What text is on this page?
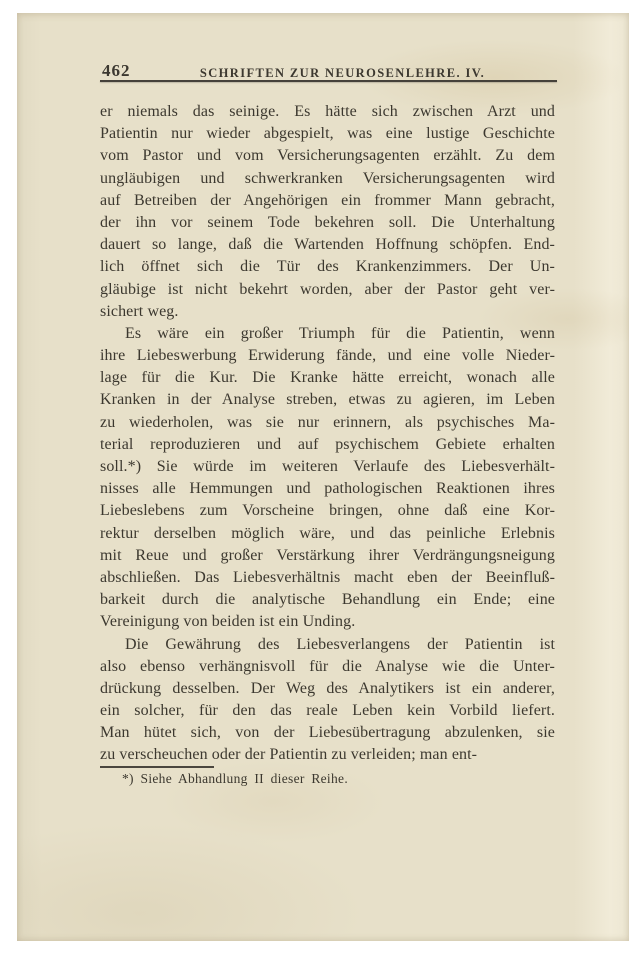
462	SCHRIFTEN ZUR NEUROSENLEHRE. IV.
er niemals das seinige. Es hätte sich zwischen Arzt und
Patientin nur wieder abgespielt, was eine lustige Geschichte
vom Pastor und vom Versicherungsagenten erzählt. Zu dem
ungläubigen und schwerkranken Versicherungsagenten wird
auf Betreiben der Angehörigen ein frommer Mann gebracht,
der ihn vor seinem Tode bekehren soll. Die Unterhaltung
dauert so lange, daß die Wartenden Hoffnung schöpfen. End-
lich öffnet sich die Tür des Krankenzimmers. Der Un-
gläubige ist nicht bekehrt worden, aber der Pastor geht ver-
sichert weg.
Es wäre ein großer Triumph für die Patientin, wenn
ihre Liebeswerbung Erwiderung fände, und eine volle Nieder-
lage für die Kur. Die Kranke hätte erreicht, wonach alle
Kranken in der Analyse streben, etwas zu agieren, im Leben
zu wiederholen, was sie nur erinnern, als psychisches Ma-
terial reproduzieren und auf psychischem Gebiete erhalten
soll.*) Sie würde im weiteren Verlaufe des Liebesverhält-
nisses alle Hemmungen und pathologischen Reaktionen ihres
Liebeslebens zum Vorscheine bringen, ohne daß eine Kor-
rektur derselben möglich wäre, und das peinliche Erlebnis
mit Reue und großer Verstärkung ihrer Verdrängungsneigung
abschließen. Das Liebesverhältnis macht eben der Beeinfluß-
barkeit durch die analytische Behandlung ein Ende; eine
Vereinigung von beiden ist ein Unding.
Die Gewährung des Liebesverlangens der Patientin ist
also ebenso verhängnisvoll für die Analyse wie die Unter-
drückung desselben. Der Weg des Analytikers ist ein anderer,
ein solcher, für den das reale Leben kein Vorbild liefert.
Man hütet sich, von der Liebesübertragung abzulenken, sie
zu verscheuchen oder der Patientin zu verleiden; man ent-
*) Siehe Abhandlung II dieser Reihe.
